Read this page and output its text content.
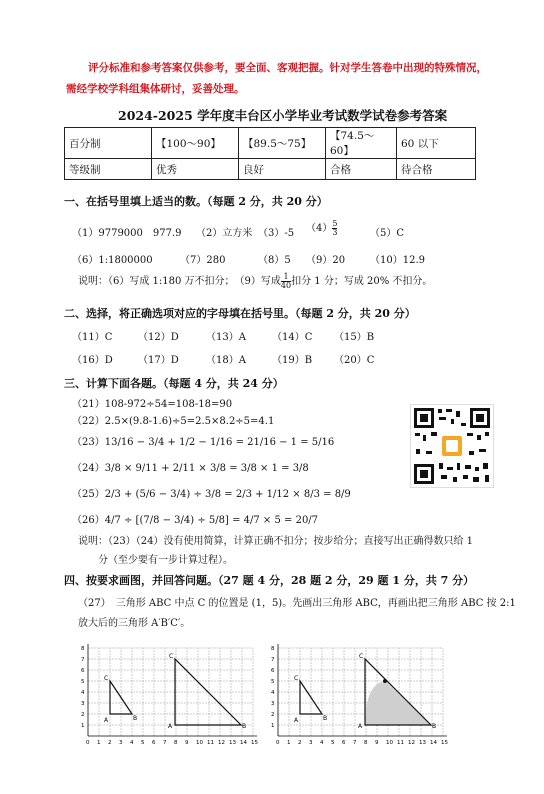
评分标准和参考答案仅供参考，要全面、客观把握。针对学生答卷中出现的特殊情况，
需经学校学科组集体研讨，妥善处理。
2024-2025 学年度丰台区小学毕业考试数学试卷参考答案
百分制	【100～90】	【89.5～75】	【74.5～60】	60 以下
等级制	优秀	良好	合格	待合格
一、在括号里填上适当的数。（每题 2 分，共 20 分）
（1）9779000　977.9 （2）立方米 （3）-5 $(4) \frac{5}{3}$	（5）C
（6）1:1800000	（7）280	（8）5 （9）20 （10）12.9
说明：（6）写成 1:180 万不扣分；　（9）写成 $\frac{1}{40}$ 扣分 1 分；写成 20% 不扣分。
二、选择，将正确选项对应的字母填在括号里。（每题 2 分，共 20 分）
（11）C	（12）D	（13）A	（14）C （15）B
（16）D	（17）D	（18）A	（19）B （20）C
三、计算下面各题。（每题 4 分，共 24 分）
（21）108-972÷54=108-18=90
（22）2.5×(9.8-1.6)÷5=2.5×8.2÷5=4.1
（23）13/16 − 3/4 + 1/2 − 1/16 = 21/16 − 1 = 5/16
（24）3/8 × 9/11 + 2/11 × 3/8 = 3/8 × 1 = 3/8
（25）2/3 + (5/6 − 3/4) ÷ 3/8 = 2/3 + 1/12 × 8/3 = 8/9
（26）4/7 ÷ [(7/8 − 3/4) ÷ 5/8] = 4/7 × 5 = 20/7
说明：（23）（24）没有使用简算，计算正确不扣分；按步给分；直接写出正确得数只给 1
分（至少要有一步计算过程）。
四、按要求画图，并回答问题。（27 题 4 分，28 题 2 分，29 题 1 分，共 7 分）
（27）　三角形 ABC 中点 C 的位置是 (1，5)。先画出三角形 ABC，再画出把三角形 ABC 按 2:1
放大后的三角形 A′B′C′。
0 1 2 3 4 5 6 7 8 9 10 11 12 13 14 15
1
2
3
4
5
6
7
8
C
A	B
C
A	B
0 1 2 3 4 5 6 7 8 9 10 11 12 13 14 15
1
2
3
4
5
6
7
8
C
A	B
C
A	B
